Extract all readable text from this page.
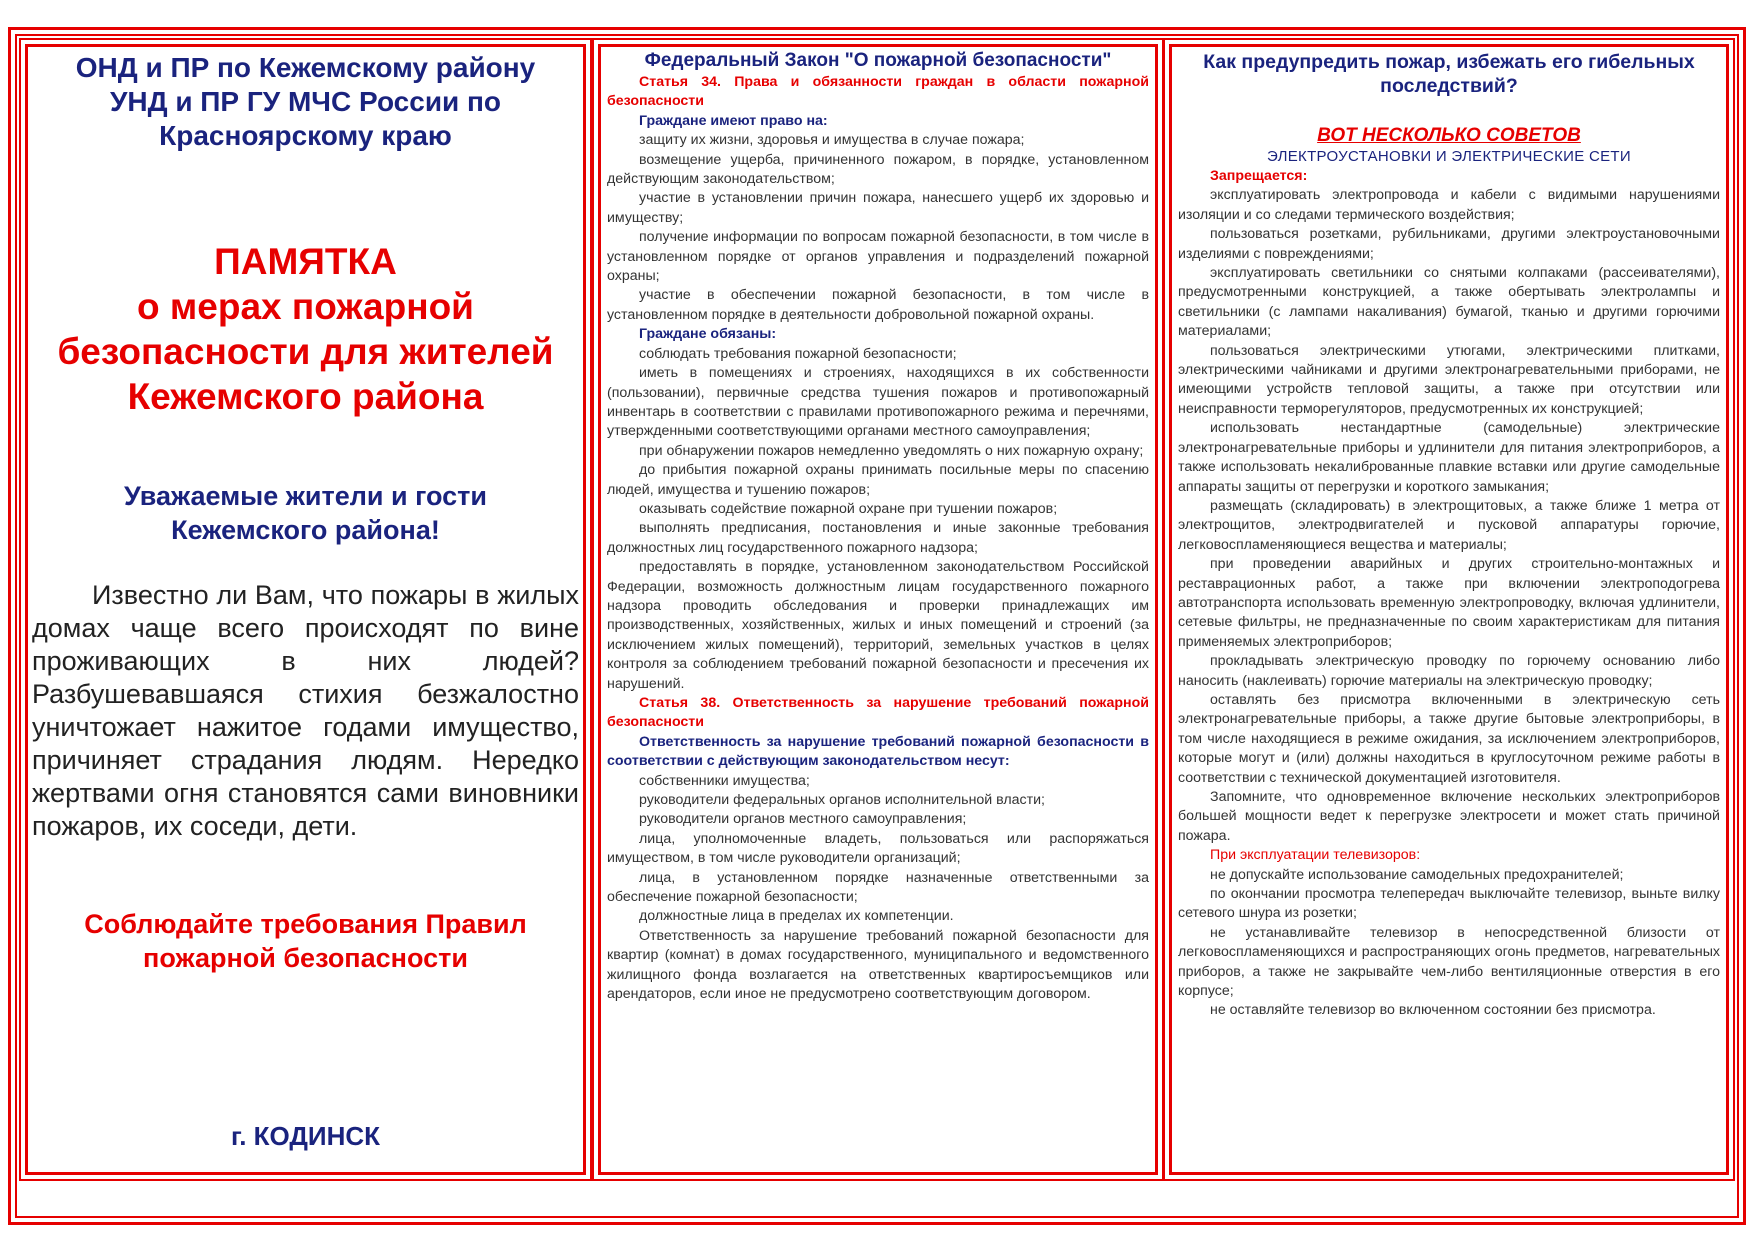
ОНД и ПР по Кежемскому району
УНД и ПР ГУ МЧС России по
Красноярскому краю
ПАМЯТКА
о мерах пожарной
безопасности для жителей
Кежемского района
Уважаемые жители и гости
Кежемского района!
Известно ли Вам, что пожары в жилых домах чаще всего происходят по вине проживающих в них людей? Разбушевавшаяся стихия безжалостно уничтожает нажитое годами имущество, причиняет страдания людям. Нередко жертвами огня становятся сами виновники пожаров, их соседи, дети.
Соблюдайте требования Правил
пожарной безопасности
г. КОДИНСК
Федеральный Закон "О пожарной безопасности"

Статья 34. Права и обязанности граждан в области пожарной безопасности

Граждане имеют право на:

защиту их жизни, здоровья и имущества в случае пожара;

возмещение ущерба, причиненного пожаром, в порядке, установленном действующим законодательством;

участие в установлении причин пожара, нанесшего ущерб их здоровью и имуществу;

получение информации по вопросам пожарной безопасности, в том числе в установленном порядке от органов управления и подразделений пожарной охраны;

участие в обеспечении пожарной безопасности, в том числе в установленном порядке в деятельности добровольной пожарной охраны.

Граждане обязаны:

соблюдать требования пожарной безопасности;

иметь в помещениях и строениях, находящихся в их собственности (пользовании), первичные средства тушения пожаров и противопожарный инвентарь в соответствии с правилами противопожарного режима и перечнями, утвержденными соответствующими органами местного самоуправления;

при обнаружении пожаров немедленно уведомлять о них пожарную охрану;

до прибытия пожарной охраны принимать посильные меры по спасению людей, имущества и тушению пожаров;

оказывать содействие пожарной охране при тушении пожаров;

выполнять предписания, постановления и иные законные требования должностных лиц государственного пожарного надзора;

предоставлять в порядке, установленном законодательством Российской Федерации, возможность должностным лицам государственного пожарного надзора проводить обследования и проверки принадлежащих им производственных, хозяйственных, жилых и иных помещений и строений (за исключением жилых помещений), территорий, земельных участков в целях контроля за соблюдением требований пожарной безопасности и пресечения их нарушений.

Статья 38. Ответственность за нарушение требований пожарной безопасности

Ответственность за нарушение требований пожарной безопасности в соответствии с действующим законодательством несут:

собственники имущества;

руководители федеральных органов исполнительной власти;

руководители органов местного самоуправления;

лица, уполномоченные владеть, пользоваться или распоряжаться имуществом, в том числе руководители организаций;

лица, в установленном порядке назначенные ответственными за обеспечение пожарной безопасности;

должностные лица в пределах их компетенции.

Ответственность за нарушение требований пожарной безопасности для квартир (комнат) в домах государственного, муниципального и ведомственного жилищного фонда возлагается на ответственных квартиросъемщиков или арендаторов, если иное не предусмотрено соответствующим договором.

Как предупредить пожар, избежать его гибельных последствий?
ВОТ НЕСКОЛЬКО СОВЕТОВ
ЭЛЕКТРОУСТАНОВКИ И ЭЛЕКТРИЧЕСКИЕ СЕТИ

Запрещается:

эксплуатировать электропровода и кабели с видимыми нарушениями изоляции и со следами термического воздействия;

пользоваться розетками, рубильниками, другими электроустановочными изделиями с повреждениями;

эксплуатировать светильники со снятыми колпаками (рассеивателями), предусмотренными конструкцией, а также обертывать электролампы и светильники (с лампами накаливания) бумагой, тканью и другими горючими материалами;

пользоваться электрическими утюгами, электрическими плитками, электрическими чайниками и другими электронагревательными приборами, не имеющими устройств тепловой защиты, а также при отсутствии или неисправности терморегуляторов, предусмотренных их конструкцией;

использовать нестандартные (самодельные) электрические электронагревательные приборы и удлинители для питания электроприборов, а также использовать некалиброванные плавкие вставки или другие самодельные аппараты защиты от перегрузки и короткого замыкания;

размещать (складировать) в электрощитовых, а также ближе 1 метра от электрощитов, электродвигателей и пусковой аппаратуры горючие, легковоспламеняющиеся вещества и материалы;

при проведении аварийных и других строительно-монтажных и реставрационных работ, а также при включении электроподогрева автотранспорта использовать временную электропроводку, включая удлинители, сетевые фильтры, не предназначенные по своим характеристикам для питания применяемых электроприборов;

прокладывать электрическую проводку по горючему основанию либо наносить (наклеивать) горючие материалы на электрическую проводку;

оставлять без присмотра включенными в электрическую сеть электронагревательные приборы, а также другие бытовые электроприборы, в том числе находящиеся в режиме ожидания, за исключением электроприборов, которые могут и (или) должны находиться в круглосуточном режиме работы в соответствии с технической документацией изготовителя.

Запомните, что одновременное включение нескольких электроприборов большей мощности ведет к перегрузке электросети и может стать причиной пожара.

При эксплуатации телевизоров:

не допускайте использование самодельных предохранителей;

по окончании просмотра телепередач выключайте телевизор, выньте вилку сетевого шнура из розетки;

не устанавливайте телевизор в непосредственной близости от легковоспламеняющихся и распространяющих огонь предметов, нагревательных приборов, а также не закрывайте чем-либо вентиляционные отверстия в его корпусе;

не оставляйте телевизор во включенном состоянии без присмотра.
